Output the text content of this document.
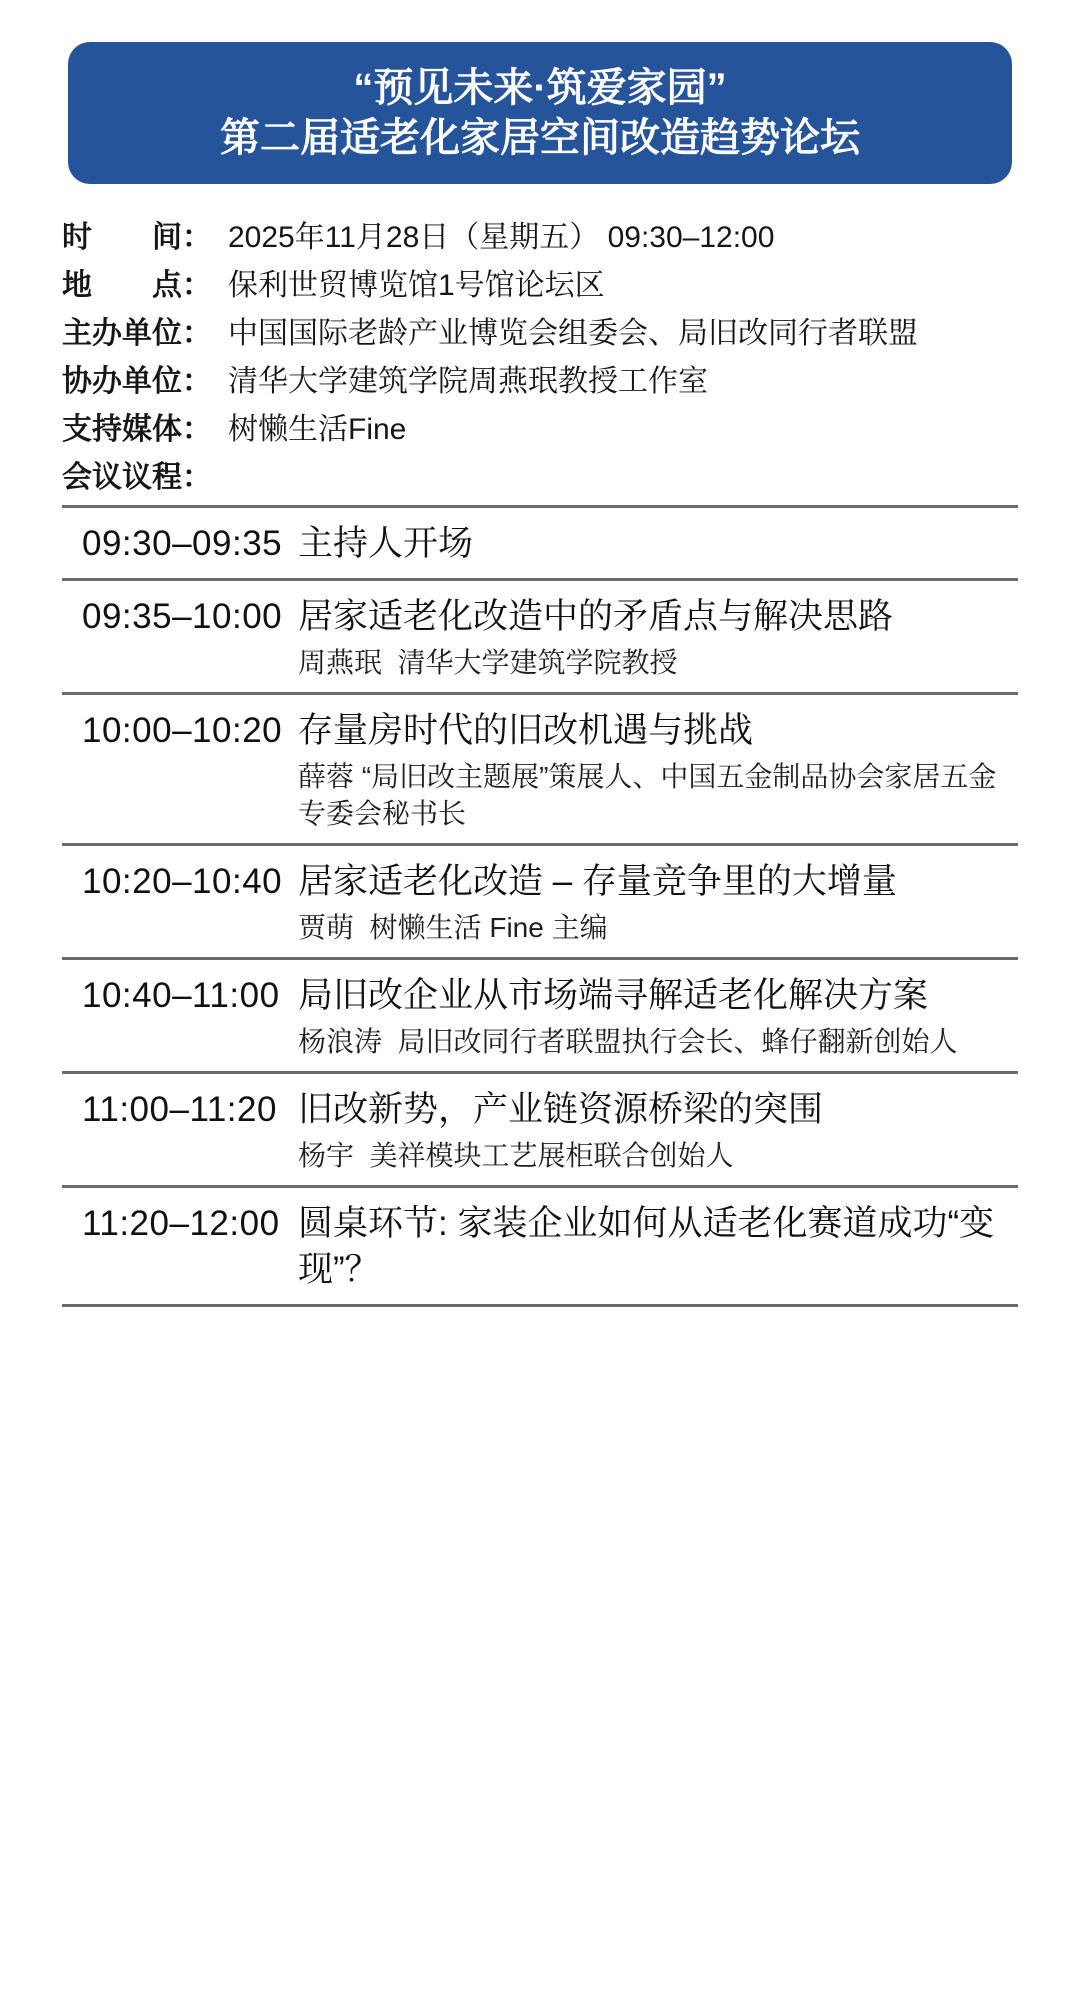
“预见未来·筑爱家园”
第二届适老化家居空间改造趋势论坛
时　　间： 2025年11月28日（星期五） 09:30–12:00
地　　点： 保利世贸博览馆1号馆论坛区
主办单位： 中国国际老龄产业博览会组委会、局旧改同行者联盟
协办单位： 清华大学建筑学院周燕珉教授工作室
支持媒体： 树懒生活Fine
会议议程：
09:30–09:35 主持人开场
09:35–10:00 居家适老化改造中的矛盾点与解决思路
周燕珉  清华大学建筑学院教授
10:00–10:20 存量房时代的旧改机遇与挑战
薛蓉 “局旧改主题展”策展人、中国五金制品协会家居五金专委会秘书长
10:20–10:40 居家适老化改造 – 存量竞争里的大增量
贾萌  树懒生活 Fine 主编
10:40–11:00 局旧改企业从市场端寻解适老化解决方案
杨浪涛  局旧改同行者联盟执行会长、蜂仔翻新创始人
11:00–11:20 旧改新势，产业链资源桥梁的突围
杨宇  美祥模块工艺展柜联合创始人
11:20–12:00 圆桌环节: 家装企业如何从适老化赛道成功“变现”？
